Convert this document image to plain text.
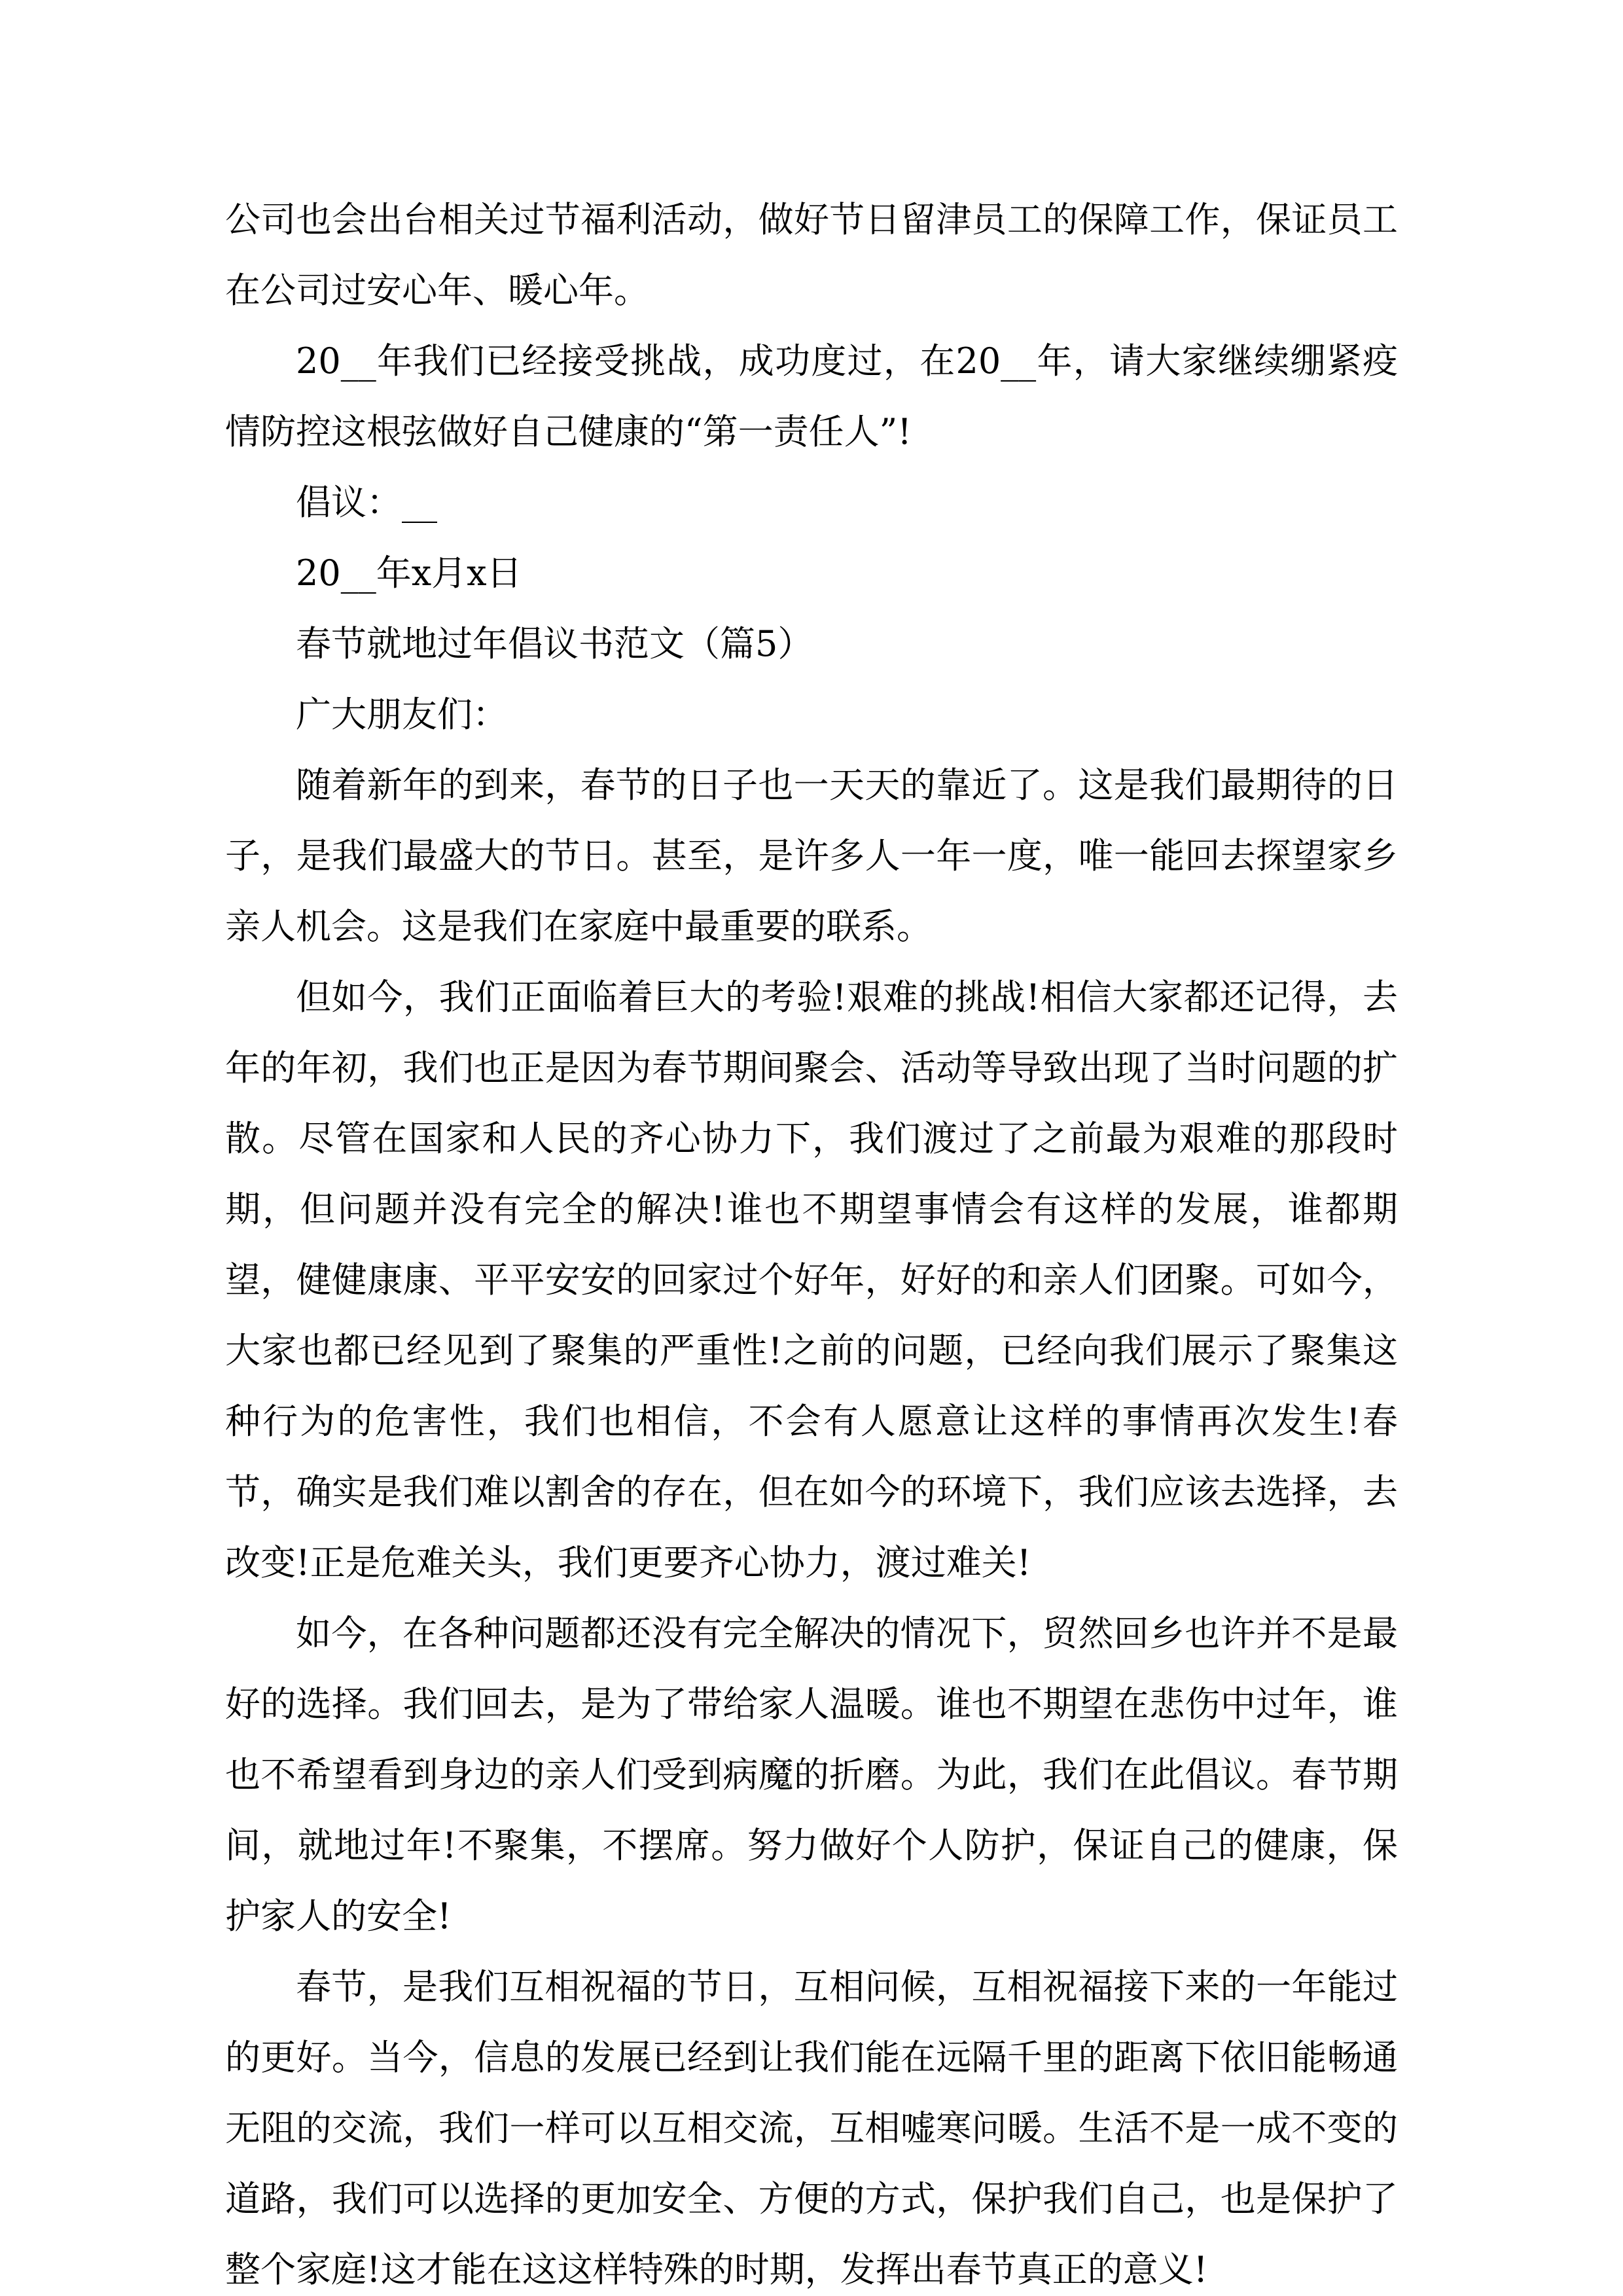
公司也会出台相关过节福利活动，做好节日留津员工的保障工作，保证员工在公司过安心年、暖心年。

20__年我们已经接受挑战，成功度过，在20__年，请大家继续绷紧疫情防控这根弦做好自己健康的“第一责任人”!

倡议：__

20__年x月x日

春节就地过年倡议书范文（篇5）

广大朋友们：

随着新年的到来，春节的日子也一天天的靠近了。这是我们最期待的日子，是我们最盛大的节日。甚至，是许多人一年一度，唯一能回去探望家乡亲人机会。这是我们在家庭中最重要的联系。

但如今，我们正面临着巨大的考验!艰难的挑战!相信大家都还记得，去年的年初，我们也正是因为春节期间聚会、活动等导致出现了当时问题的扩散。尽管在国家和人民的齐心协力下，我们渡过了之前最为艰难的那段时期，但问题并没有完全的解决!谁也不期望事情会有这样的发展，谁都期望，健健康康、平平安安的回家过个好年，好好的和亲人们团聚。可如今，大家也都已经见到了聚集的严重性!之前的问题，已经向我们展示了聚集这种行为的危害性，我们也相信，不会有人愿意让这样的事情再次发生!春节，确实是我们难以割舍的存在，但在如今的环境下，我们应该去选择，去改变!正是危难关头，我们更要齐心协力，渡过难关!

如今，在各种问题都还没有完全解决的情况下，贸然回乡也许并不是最好的选择。我们回去，是为了带给家人温暖。谁也不期望在悲伤中过年，谁也不希望看到身边的亲人们受到病魔的折磨。为此，我们在此倡议。春节期间，就地过年!不聚集，不摆席。努力做好个人防护，保证自己的健康，保护家人的安全!

春节，是我们互相祝福的节日，互相问候，互相祝福接下来的一年能过的更好。当今，信息的发展已经到让我们能在远隔千里的距离下依旧能畅通无阻的交流，我们一样可以互相交流，互相嘘寒问暖。生活不是一成不变的道路，我们可以选择的更加安全、方便的方式，保护我们自己，也是保护了整个家庭!这才能在这这样特殊的时期，发挥出春节真正的意义!
